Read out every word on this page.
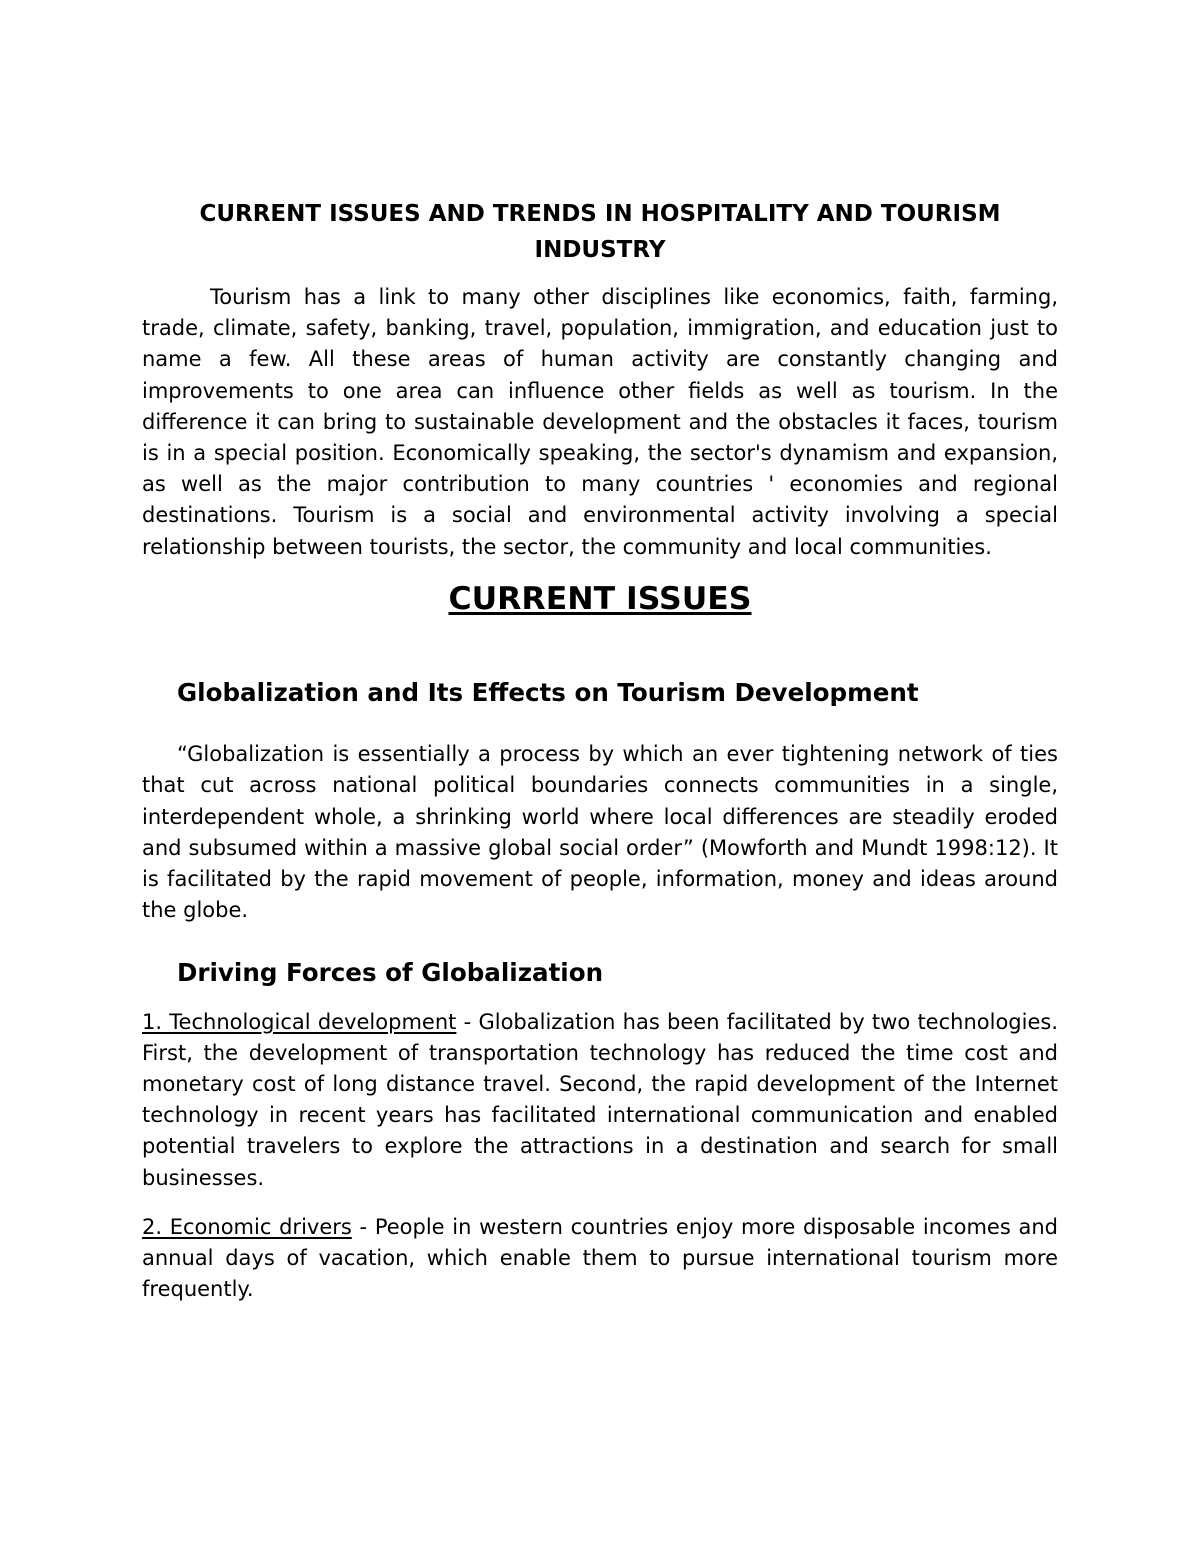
CURRENT ISSUES AND TRENDS IN HOSPITALITY AND TOURISM INDUSTRY

Tourism has a link to many other disciplines like economics, faith, farming, trade, climate, safety, banking, travel, population, immigration, and education just to name a few. All these areas of human activity are constantly changing and improvements to one area can influence other fields as well as tourism. In the difference it can bring to sustainable development and the obstacles it faces, tourism is in a special position. Economically speaking, the sector's dynamism and expansion, as well as the major contribution to many countries ' economies and regional destinations. Tourism is a social and environmental activity involving a special relationship between tourists, the sector, the community and local communities.

CURRENT ISSUES
Globalization and Its Effects on Tourism Development

“Globalization is essentially a process by which an ever tightening network of ties that cut across national political boundaries connects communities in a single, interdependent whole, a shrinking world where local differences are steadily eroded and subsumed within a massive global social order” (Mowforth and Mundt 1998:12). It is facilitated by the rapid movement of people, information, money and ideas around the globe.

Driving Forces of Globalization

1. Technological development - Globalization has been facilitated by two technologies. First, the development of transportation technology has reduced the time cost and monetary cost of long distance travel. Second, the rapid development of the Internet technology in recent years has facilitated international communication and enabled potential travelers to explore the attractions in a destination and search for small businesses.

2. Economic drivers - People in western countries enjoy more disposable incomes and annual days of vacation, which enable them to pursue international tourism more frequently.
